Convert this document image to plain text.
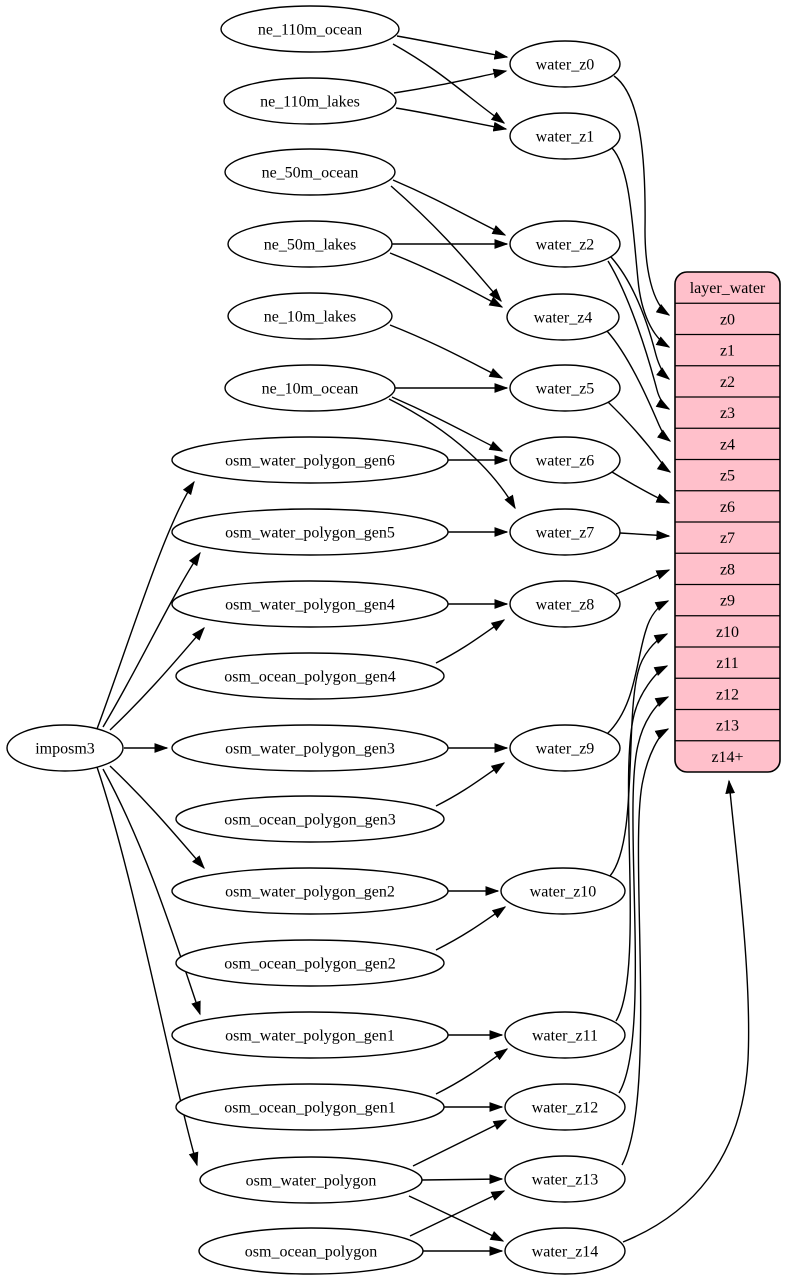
imposm3
ne_110m_ocean
ne_110m_lakes
ne_50m_ocean
ne_50m_lakes
ne_10m_lakes
ne_10m_ocean
osm_water_polygon_gen6
osm_water_polygon_gen5
osm_water_polygon_gen4
osm_ocean_polygon_gen4
osm_water_polygon_gen3
osm_ocean_polygon_gen3
osm_water_polygon_gen2
osm_ocean_polygon_gen2
osm_water_polygon_gen1
osm_ocean_polygon_gen1
osm_water_polygon
osm_ocean_polygon
water_z0
water_z1
water_z2
water_z4
water_z5
water_z6
water_z7
water_z8
water_z9
water_z10
water_z11
water_z12
water_z13
water_z14
layer_water
z0
z1
z2
z3
z4
z5
z6
z7
z8
z9
z10
z11
z12
z13
z14+
